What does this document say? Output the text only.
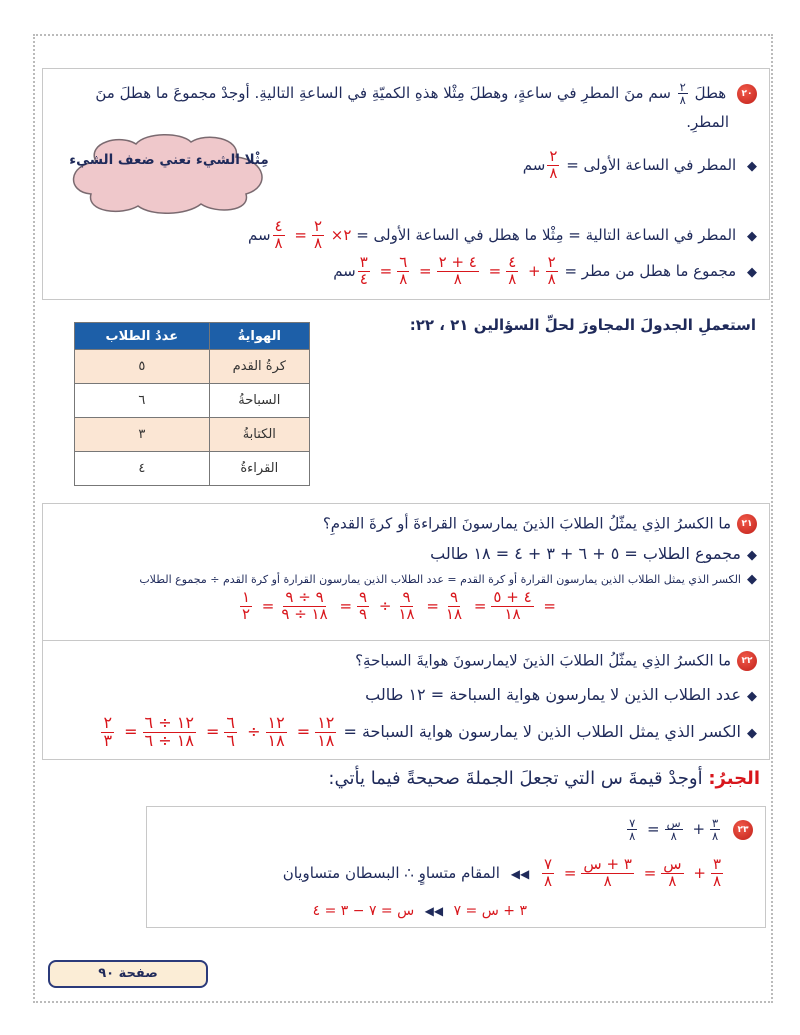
٢٠ هطلَ
$\frac{٢}{٨}$
سم منَ المطرِ في ساعةٍ، وهطلَ مِثْلا هذهِ الكميّةِ في الساعةِ التاليةِ. أوجدْ مجموعَ ما هطلَ منَ
المطرِ.
◆ المطر في الساعة الأولى =
$\frac{٢}{٨}$
سم
◆ المطر في الساعة التالية = مِثْلا ما هطل في الساعة الأولى = ٢×
$\frac{٢}{٨}$
=
$\frac{٤}{٨}$
سم
◆ مجموع ما هطل من مطر =
$\frac{٢}{٨}$
+
$\frac{٤}{٨}$
=
$\frac{٤ + ٢}{٨}$
=
$\frac{٦}{٨}$
=
$\frac{٣}{٤}$
سم
مِثْلا الشيء تعني ضعف الشيء
استعملِ الجدولَ المجاورَ لحلِّ السؤالين ٢١ ، ٢٢:
الهوايةُ	عددُ الطلاب
كرةُ القدم	٥
السباحةُ	٦
الكتابةُ	٣
القراءةُ	٤
٢١ما الكسرُ الذِي يمثّلُ الطلابَ الذينَ يمارسونَ القراءةَ أو كرةَ القدمِ؟
◆مجموع الطلاب = ٥ + ٦ + ٣ + ٤ = ١٨ طالب
◆الكسر الذي يمثل الطلاب الذين يمارسون القرارة أو كرة القدم = عدد الطلاب الذين يمارسون القرارة أو كرة القدم ÷ مجموع الطلاب
=
$\frac{٤ + ٥}{١٨}$
=
$\frac{٩}{١٨}$
=
$\frac{٩}{١٨}$
÷
$\frac{٩}{٩}$
=
$\frac{٩ \div ٩}{١٨ \div ٩}$
=
$\frac{١}{٢}$
٢٢ما الكسرُ الذِي يمثّلُ الطلابَ الذينَ لايمارسونَ هوايةَ السباحةِ؟
◆عدد الطلاب الذين لا يمارسون هواية السباحة = ١٢ طالب
◆الكسر الذي يمثل الطلاب الذين لا يمارسون هواية السباحة =
$\frac{١٢}{١٨}$
=
$\frac{١٢}{١٨}$
÷
$\frac{٦}{٦}$
=
$\frac{١٢ \div ٦}{١٨ \div ٦}$
=
$\frac{٢}{٣}$
الجبرُ: أوجدْ قيمةَ س التي تجعلَ الجملةَ صحيحةً فيما يأتي:
٢٣
$\frac{٣}{٨}$
+
$\frac{\text{س}}{٨}$
=
$\frac{٧}{٨}$
$\frac{٣}{٨}$
+
$\frac{\text{س}}{٨}$
=
$\frac{\text{٣ + س}}{٨}$
=
$\frac{٧}{٨}$
◀◀ المقام متساوٍ ∴ البسطان متساويان
٣ + س = ٧ ◀◀ س = ٧ − ٣ = ٤
صفحة ٩٠
